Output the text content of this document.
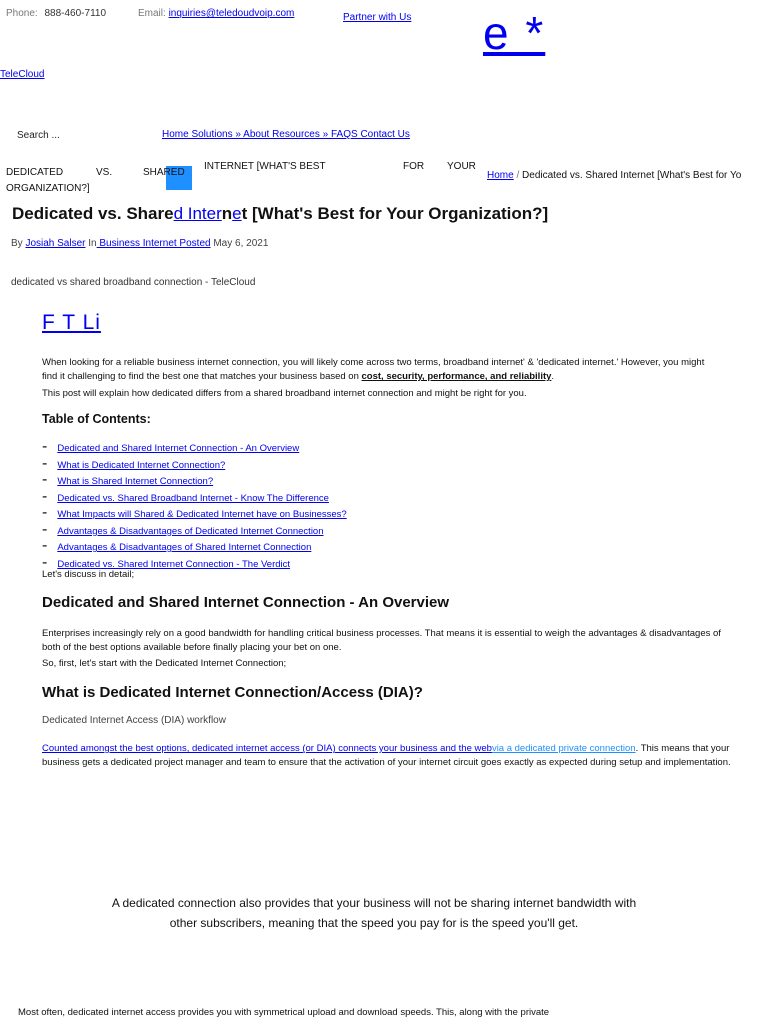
Phone: 888-460-7110	Email: inquiries@teledoudvoip.com	Partner with Us e *
TeleCloud
Search ...	Home Solutions » About Resources » FAQS Contact Us
DEDICATED	VS.	SHARED
INTERNET [WHAT'S BEST	FOR YOUR
ORGANIZATION?]
Home / Dedicated vs. Shared Internet [What's Best for Yo
Dedicated vs. Shared Internet [What's Best for Your Organization?]
By Josiah Salser In Business Internet Posted May 6, 2021
dedicated vs shared broadband connection - TeleCloud
F T Li
When looking for a reliable business internet connection, you will likely come across two terms, broadband internet' & 'dedicated internet.' However, you might find it challenging to find the best one that matches your business based on cost, security, performance, and reliability.
This post will explain how dedicated differs from a shared broadband internet connection and might be right for you.
Table of Contents:
- Dedicated and Shared Internet Connection - An Overview
- What is Dedicated Internet Connection?
- What is Shared Internet Connection?
- Dedicated vs. Shared Broadband Internet - Know The Difference
- What Impacts will Shared & Dedicated Internet have on Businesses?
- Advantages & Disadvantages of Dedicated Internet Connection
- Advantages & Disadvantages of Shared Internet Connection
- Dedicated vs. Shared Internet Connection - The Verdict
Let's discuss in detail;
Dedicated and Shared Internet Connection - An Overview
Enterprises increasingly rely on a good bandwidth for handling critical business processes. That means it is essential to weigh the advantages & disadvantages of both of the best options available before finally placing your bet on one.
So, first, let's start with the Dedicated Internet Connection;
What is Dedicated Internet Connection/Access (DIA)?
Dedicated Internet Access (DIA) workflow
Counted amongst the best options, dedicated internet access (or DIA) connects your business and the webvia a dedicated private connection. This means that your business gets a dedicated project manager and team to ensure that the activation of your internet circuit goes exactly as expected during setup and implementation.
A dedicated connection also provides that your business will not be sharing internet bandwidth with other subscribers, meaning that the speed you pay for is the speed you'll get.
Most often, dedicated internet access provides you with symmetrical upload and download speeds. This, along with the private
